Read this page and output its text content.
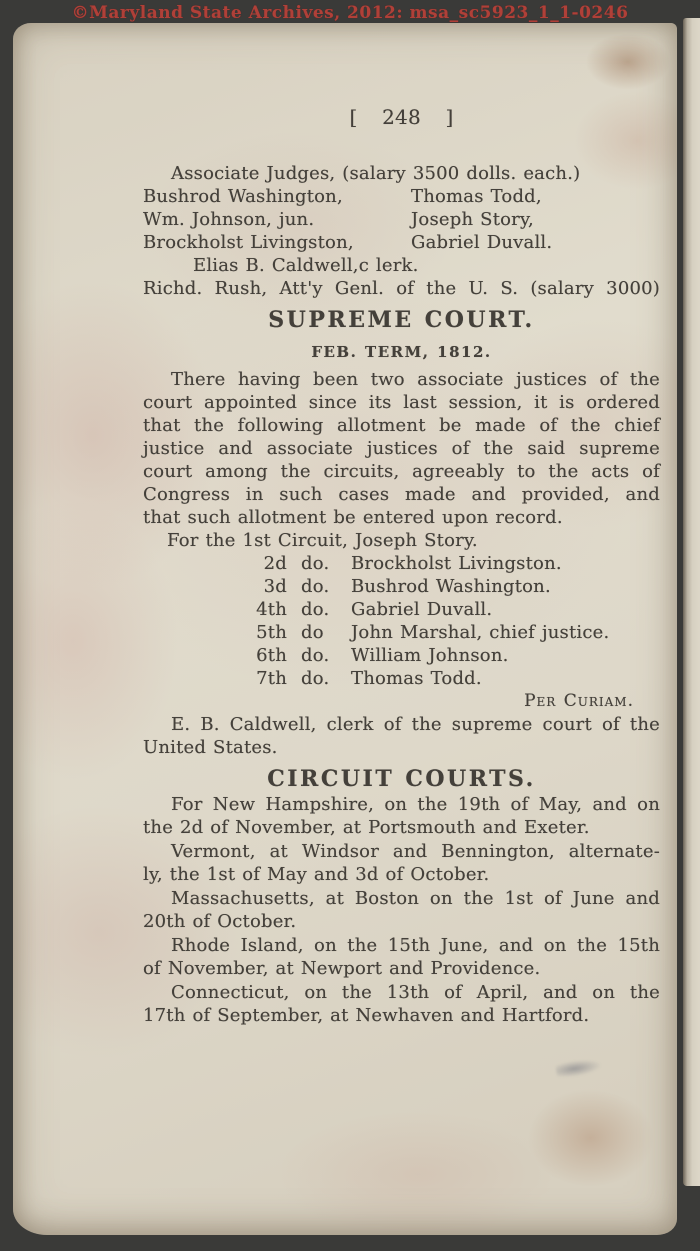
[ 248 ]
Associate Judges, (salary 3500 dolls. each.)
Bushrod Washington,	Thomas Todd,
Wm. Johnson, jun.	Joseph Story,
Brockholst Livingston,	Gabriel Duvall.
Elias B. Caldwell,c lerk.
Richd. Rush, Att'y Genl. of the U. S. (salary 3000)
SUPREME COURT.
FEB. TERM, 1812.
There having been two associate justices of the
court appointed since its last session, it is ordered
that the following allotment be made of the chief
justice and associate justices of the said supreme
court among the circuits, agreeably to the acts of
Congress in such cases made and provided, and
that such allotment be entered upon record.
For the 1st Circuit, Joseph Story.
2d do.	Brockholst Livingston.
3d do.	Bushrod Washington.
4th do.	Gabriel Duvall.
5th do	John Marshal, chief justice.
6th do.	William Johnson.
7th do.	Thomas Todd.
Per Curiam.
E. B. Caldwell, clerk of the supreme court of the
United States.
CIRCUIT COURTS.
For New Hampshire, on the 19th of May, and on
the 2d of November, at Portsmouth and Exeter.
Vermont, at Windsor and Bennington, alternate-
ly, the 1st of May and 3d of October.
Massachusetts, at Boston on the 1st of June and
20th of October.
Rhode Island, on the 15th June, and on the 15th
of November, at Newport and Providence.
Connecticut, on the 13th of April, and on the
17th of September, at Newhaven and Hartford.
©Maryland State Archives, 2012: msa_sc5923_1_1-0246
